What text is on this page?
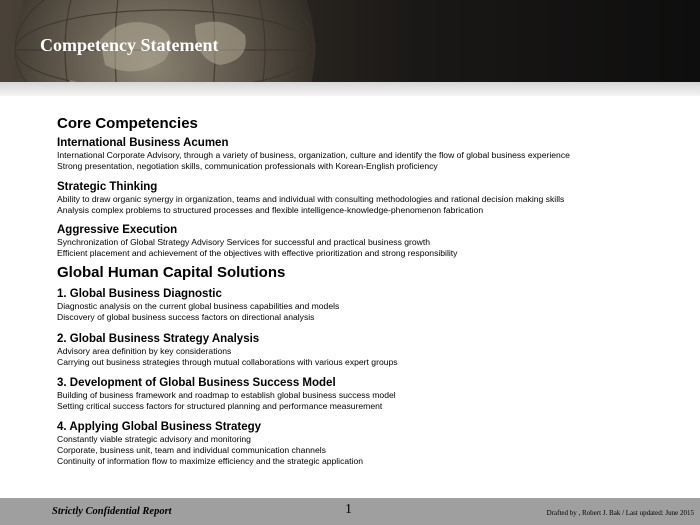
Competency Statement
Core Competencies
International Business Acumen
International Corporate Advisory, through a variety of business, organization, culture and identify the flow of global business experience
Strong presentation, negotiation skills, communication professionals with Korean-English proficiency
Strategic Thinking
Ability to draw organic synergy in organization, teams and individual with consulting methodologies and rational decision making skills
Analysis complex problems to structured processes and flexible intelligence-knowledge-phenomenon fabrication
Aggressive Execution
Synchronization of Global Strategy Advisory Services for successful and practical business growth
Efficient placement and achievement of the objectives with effective prioritization and strong responsibility
Global Human Capital Solutions
1. Global Business Diagnostic
Diagnostic analysis on the current global business capabilities and models
Discovery of global business success factors on directional analysis
2. Global Business Strategy Analysis
Advisory area definition by key considerations
Carrying out business strategies through mutual collaborations with various expert groups
3. Development of Global Business Success Model
Building of business framework and roadmap to establish global business success model
Setting critical success factors for structured planning and performance measurement
4. Applying Global Business Strategy
Constantly viable strategic advisory and monitoring
Corporate, business unit, team and individual communication channels
Continuity of information flow to maximize efficiency and the strategic application
Strictly Confidential Report	1	Drafted by , Robert J. Bak / Last updated: June 2015
